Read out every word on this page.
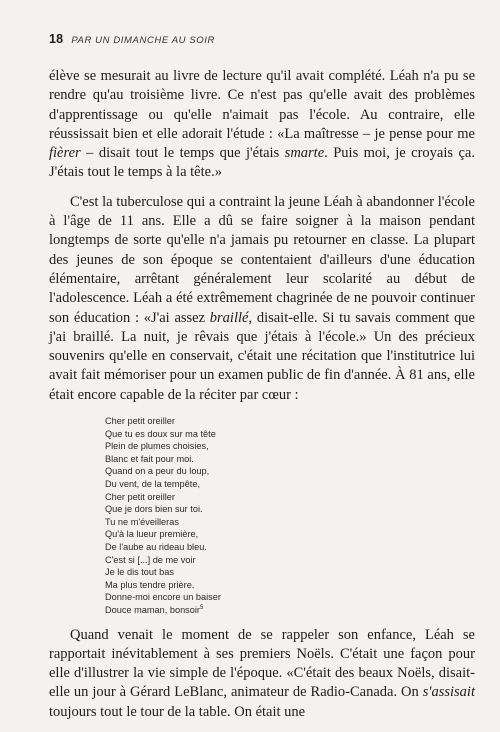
18 PAR UN DIMANCHE AU SOIR

élève se mesurait au livre de lecture qu'il avait complété. Léah n'a pu se rendre qu'au troisième livre. Ce n'est pas qu'elle avait des problèmes d'apprentissage ou qu'elle n'aimait pas l'école. Au contraire, elle réussissait bien et elle adorait l'étude : «La maîtresse – je pense pour me fièrer – disait tout le temps que j'étais smarte. Puis moi, je croyais ça. J'étais tout le temps à la tête.»

C'est la tuberculose qui a contraint la jeune Léah à abandonner l'école à l'âge de 11 ans. Elle a dû se faire soigner à la maison pendant longtemps de sorte qu'elle n'a jamais pu retourner en classe. La plupart des jeunes de son époque se contentaient d'ailleurs d'une éducation élémentaire, arrêtant généralement leur scolarité au début de l'adolescence. Léah a été extrêmement chagrinée de ne pouvoir continuer son éducation : «J'ai assez braillé, disait-elle. Si tu savais comment que j'ai braillé. La nuit, je rêvais que j'étais à l'école.» Un des précieux souvenirs qu'elle en conservait, c'était une récitation que l'institutrice lui avait fait mémoriser pour un examen public de fin d'année. À 81 ans, elle était encore capable de la réciter par cœur :

Cher petit oreiller
Que tu es doux sur ma tête
Plein de plumes choisies,
Blanc et fait pour moi.
Quand on a peur du loup,
Du vent, de la tempête,
Cher petit oreiller
Que je dors bien sur toi.
Tu ne m'éveilleras
Qu'à la lueur première,
De l'aube au rideau bleu.
C'est si [...] de me voir
Je le dis tout bas
Ma plus tendre prière.
Donne-moi encore un baiser
Douce maman, bonsoir$^5$

Quand venait le moment de se rappeler son enfance, Léah se rapportait inévitablement à ses premiers Noëls. C'était une façon pour elle d'illustrer la vie simple de l'époque. «C'était des beaux Noëls, disait-elle un jour à Gérard LeBlanc, animateur de Radio-Canada. On s'assisait toujours tout le tour de la table. On était une
